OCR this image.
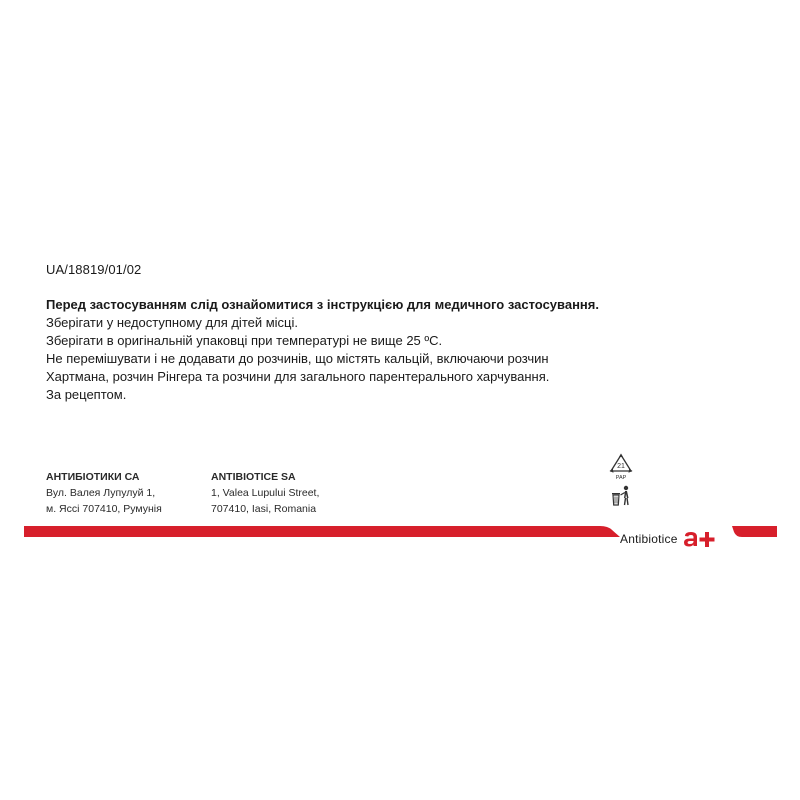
UA/18819/01/02
Перед застосуванням слід ознайомитися з інструкцією для медичного застосування.
Зберігати у недоступному для дітей місці.
Зберігати в оригінальній упаковці при температурі не вище 25 ºC.
Не перемішувати і не додавати до розчинів, що містять кальцій, включаючи розчин
Хартмана, розчин Рінгера та розчини для загального парентерального харчування.
За рецептом.
АНТИБІОТИКИ СА
Вул. Валея Лупулуй 1,
м. Яссі 707410, Румунія
ANTIBIOTICE SA
1, Valea Lupului Street,
707410, Iasi, Romania
21
PAP
Antibiotice
